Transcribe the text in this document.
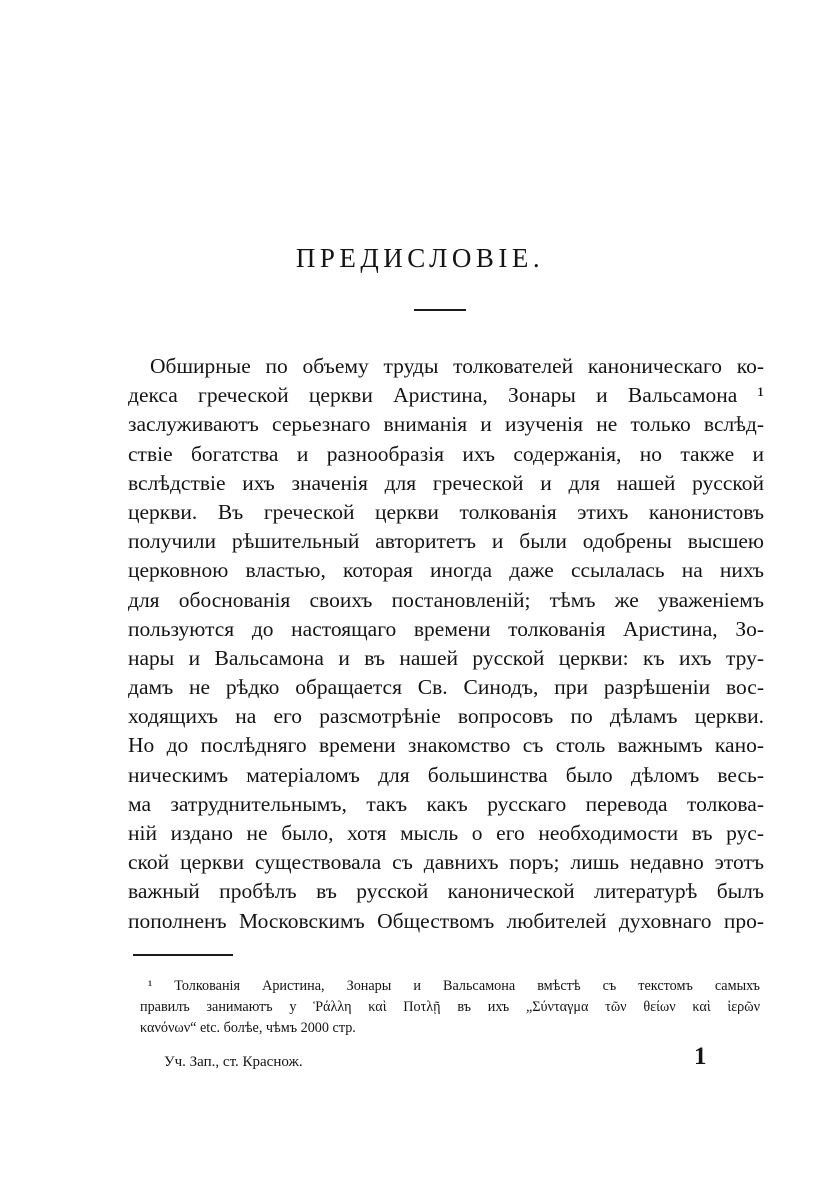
ПРЕДИСЛОВІЕ.
Обширные по объему труды толкователей каноническаго ко-
декса греческой церкви Аристина, Зонары и Вальсамона ¹
заслуживаютъ серьезнаго вниманія и изученія не только вслѣд-
ствіе богатства и разнообразія ихъ содержанія, но также и
вслѣдствіе ихъ значенія для греческой и для нашей русской
церкви. Въ греческой церкви толкованія этихъ канонистовъ
получили рѣшительный авторитетъ и были одобрены высшею
церковною властью, которая иногда даже ссылалась на нихъ
для обоснованія своихъ постановленій; тѣмъ же уваженіемъ
пользуются до настоящаго времени толкованія Аристина, Зо-
нары и Вальсамона и въ нашей русской церкви: къ ихъ тру-
дамъ не рѣдко обращается Св. Синодъ, при разрѣшеніи вос-
ходящихъ на его разсмотрѣніе вопросовъ по дѣламъ церкви.
Но до послѣдняго времени знакомство съ столь важнымъ кано-
ническимъ матеріаломъ для большинства было дѣломъ весь-
ма затруднительнымъ, такъ какъ русскаго перевода толкова-
ній издано не было, хотя мысль о его необходимости въ рус-
ской церкви существовала съ давнихъ поръ; лишь недавно этотъ
важный пробѣлъ въ русской канонической литературѣ былъ
пополненъ Московскимъ Обществомъ любителей духовнаго про-
¹ Толкованія Аристина, Зонары и Вальсамона вмѣстѣ съ текстомъ самыхъ
правилъ занимаютъ у Ῥάλλη καὶ Ποτλῇ въ ихъ „Σύνταγμα τῶν θείων καὶ ἱερῶν
κανόνων“ etc. болѣе, чѣмъ 2000 стр.
Уч. Зап., ст. Краснож.	1
